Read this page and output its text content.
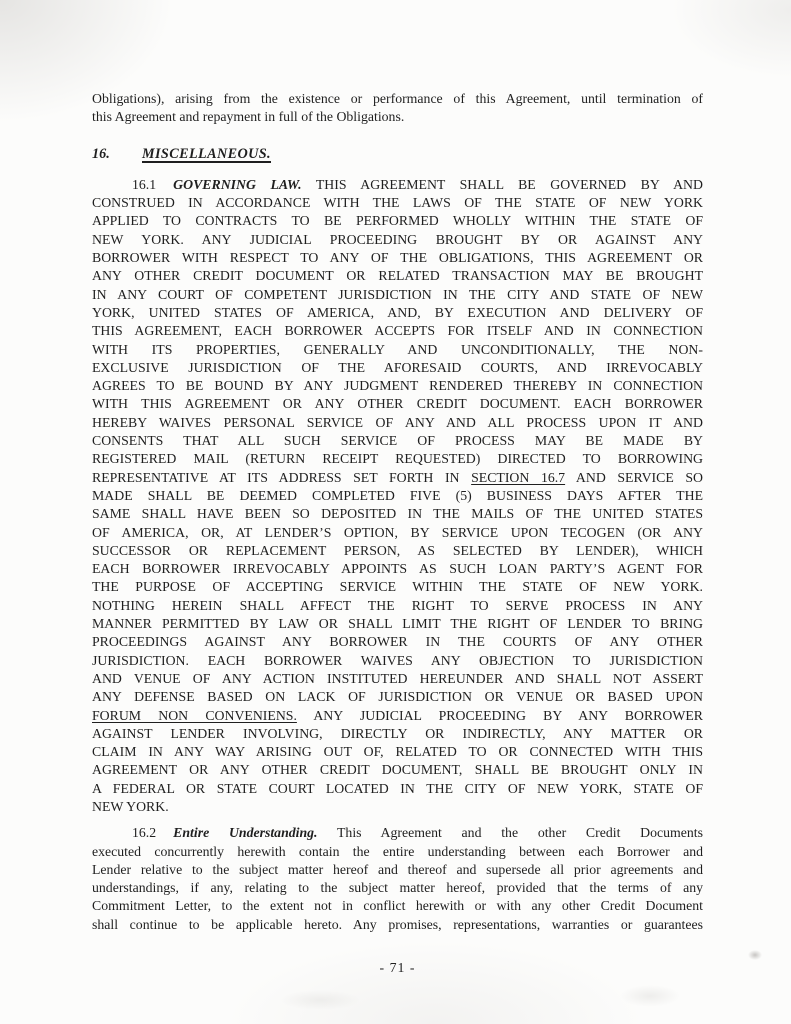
Obligations), arising from the existence or performance of this Agreement, until termination of
this Agreement and repayment in full of the Obligations.
16. MISCELLANEOUS.
16.1 GOVERNING LAW. THIS AGREEMENT SHALL BE GOVERNED BY AND
CONSTRUED IN ACCORDANCE WITH THE LAWS OF THE STATE OF NEW YORK
APPLIED TO CONTRACTS TO BE PERFORMED WHOLLY WITHIN THE STATE OF
NEW YORK. ANY JUDICIAL PROCEEDING BROUGHT BY OR AGAINST ANY
BORROWER WITH RESPECT TO ANY OF THE OBLIGATIONS, THIS AGREEMENT OR
ANY OTHER CREDIT DOCUMENT OR RELATED TRANSACTION MAY BE BROUGHT
IN ANY COURT OF COMPETENT JURISDICTION IN THE CITY AND STATE OF NEW
YORK, UNITED STATES OF AMERICA, AND, BY EXECUTION AND DELIVERY OF
THIS AGREEMENT, EACH BORROWER ACCEPTS FOR ITSELF AND IN CONNECTION
WITH ITS PROPERTIES, GENERALLY AND UNCONDITIONALLY, THE NON-
EXCLUSIVE JURISDICTION OF THE AFORESAID COURTS, AND IRREVOCABLY
AGREES TO BE BOUND BY ANY JUDGMENT RENDERED THEREBY IN CONNECTION
WITH THIS AGREEMENT OR ANY OTHER CREDIT DOCUMENT. EACH BORROWER
HEREBY WAIVES PERSONAL SERVICE OF ANY AND ALL PROCESS UPON IT AND
CONSENTS THAT ALL SUCH SERVICE OF PROCESS MAY BE MADE BY
REGISTERED MAIL (RETURN RECEIPT REQUESTED) DIRECTED TO BORROWING
REPRESENTATIVE AT ITS ADDRESS SET FORTH IN SECTION 16.7 AND SERVICE SO
MADE SHALL BE DEEMED COMPLETED FIVE (5) BUSINESS DAYS AFTER THE
SAME SHALL HAVE BEEN SO DEPOSITED IN THE MAILS OF THE UNITED STATES
OF AMERICA, OR, AT LENDER’S OPTION, BY SERVICE UPON TECOGEN (OR ANY
SUCCESSOR OR REPLACEMENT PERSON, AS SELECTED BY LENDER), WHICH
EACH BORROWER IRREVOCABLY APPOINTS AS SUCH LOAN PARTY’S AGENT FOR
THE PURPOSE OF ACCEPTING SERVICE WITHIN THE STATE OF NEW YORK.
NOTHING HEREIN SHALL AFFECT THE RIGHT TO SERVE PROCESS IN ANY
MANNER PERMITTED BY LAW OR SHALL LIMIT THE RIGHT OF LENDER TO BRING
PROCEEDINGS AGAINST ANY BORROWER IN THE COURTS OF ANY OTHER
JURISDICTION. EACH BORROWER WAIVES ANY OBJECTION TO JURISDICTION
AND VENUE OF ANY ACTION INSTITUTED HEREUNDER AND SHALL NOT ASSERT
ANY DEFENSE BASED ON LACK OF JURISDICTION OR VENUE OR BASED UPON
FORUM NON CONVENIENS. ANY JUDICIAL PROCEEDING BY ANY BORROWER
AGAINST LENDER INVOLVING, DIRECTLY OR INDIRECTLY, ANY MATTER OR
CLAIM IN ANY WAY ARISING OUT OF, RELATED TO OR CONNECTED WITH THIS
AGREEMENT OR ANY OTHER CREDIT DOCUMENT, SHALL BE BROUGHT ONLY IN
A FEDERAL OR STATE COURT LOCATED IN THE CITY OF NEW YORK, STATE OF
NEW YORK.
16.2 Entire Understanding. This Agreement and the other Credit Documents
executed concurrently herewith contain the entire understanding between each Borrower and
Lender relative to the subject matter hereof and thereof and supersede all prior agreements and
understandings, if any, relating to the subject matter hereof, provided that the terms of any
Commitment Letter, to the extent not in conflict herewith or with any other Credit Document
shall continue to be applicable hereto. Any promises, representations, warranties or guarantees
- 71 -
